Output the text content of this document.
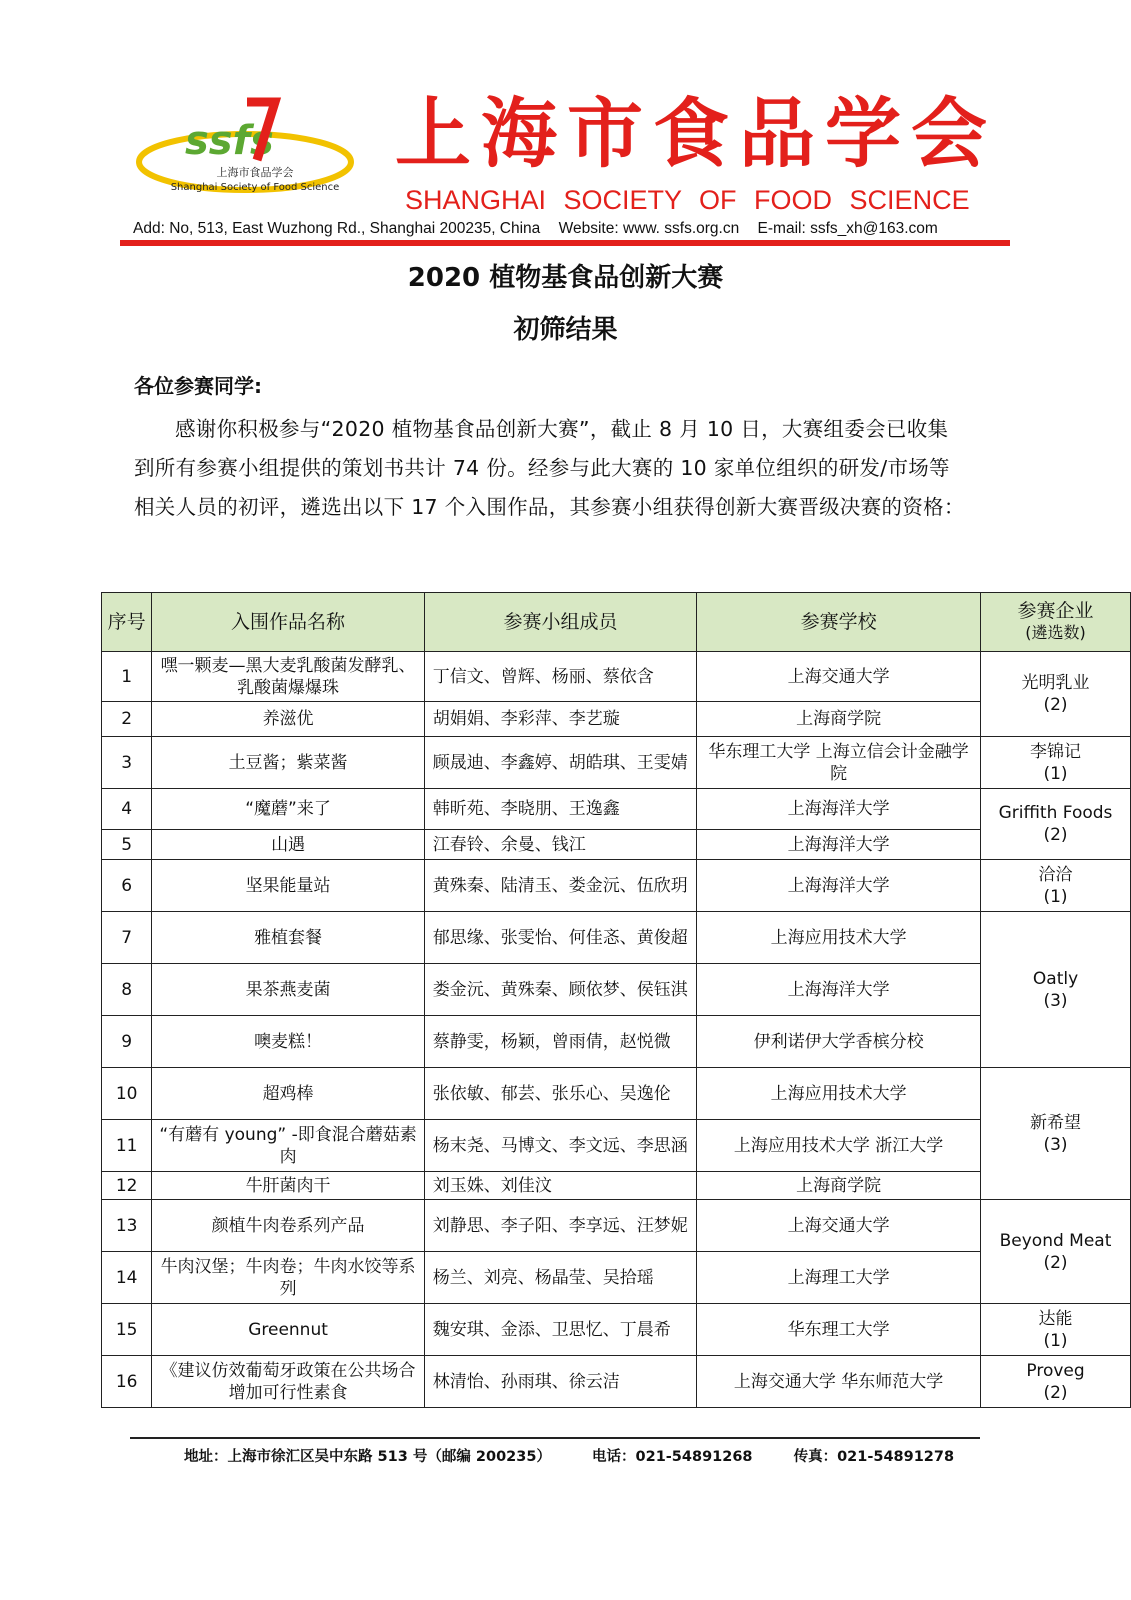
ssfs
上海市食品学会
Shanghai Society of Food Science
上海市食品学会
SHANGHAI SOCIETY OF FOOD SCIENCE
Add: No, 513, East Wuzhong Rd., Shanghai 200235, China Website: www. ssfs.org.cn E-mail: ssfs_xh@163.com
2020 植物基食品创新大赛
初筛结果
各位参赛同学:
感谢你积极参与“2020 植物基食品创新大赛”，截止 8 月 10 日，大赛组委会已收集到所有参赛小组提供的策划书共计 74 份。经参与此大赛的 10 家单位组织的研发/市场等相关人员的初评，遴选出以下 17 个入围作品，其参赛小组获得创新大赛晋级决赛的资格：
序号	入围作品名称	参赛小组成员	参赛学校	参赛企业
(遴选数)

1	嘿一颗麦—黑大麦乳酸菌发酵乳、乳酸菌爆爆珠	丁信文、曾辉、杨丽、蔡依含	上海交通大学	光明乳业
(2)
2	养滋优	胡娟娟、李彩萍、李艺璇	上海商学院	
3	土豆酱；紫菜酱	顾晟迪、李鑫婷、胡皓琪、王雯婧	华东理工大学 上海立信会计金融学院	李锦记
(1)
4	“魔蘑”来了	韩昕苑、李晓朋、王逸鑫	上海海洋大学	Griffith Foods
(2)
5	山遇	江春铃、余曼、钱江	上海海洋大学	
6	坚果能量站	黄殊秦、陆清玉、娄金沅、伍欣玥	上海海洋大学	洽洽
(1)
7	雅植套餐	郁思缘、张雯怡、何佳忞、黄俊超	上海应用技术大学	Oatly
(3)
8	果茶燕麦菌	娄金沅、黄殊秦、顾依梦、侯钰淇	上海海洋大学	
9	噢麦糕！	蔡静雯，杨颖，曾雨倩，赵悦微	伊利诺伊大学香槟分校	
10	超鸡棒	张依敏、郁芸、张乐心、吴逸伦	上海应用技术大学	新希望
(3)
11	“有蘑有 young” -即食混合蘑菇素肉	杨末尧、马博文、李文远、李思涵	上海应用技术大学 浙江大学	
12	牛肝菌肉干	刘玉姝、刘佳汶	上海商学院	
13	颜植牛肉卷系列产品	刘静思、李子阳、李享远、汪梦妮	上海交通大学	Beyond Meat
(2)
14	牛肉汉堡；牛肉卷；牛肉水饺等系列	杨兰、刘亮、杨晶莹、吴拾瑶	上海理工大学	
15	Greennut	魏安琪、金添、卫思忆、丁晨希	华东理工大学	达能
(1)
16	《建议仿效葡萄牙政策在公共场合增加可行性素食	林清怡、孙雨琪、徐云洁	上海交通大学 华东师范大学	Proveg
(2)
地址：上海市徐汇区吴中东路 513 号（邮编 200235）	电话：021-54891268	传真：021-54891278
